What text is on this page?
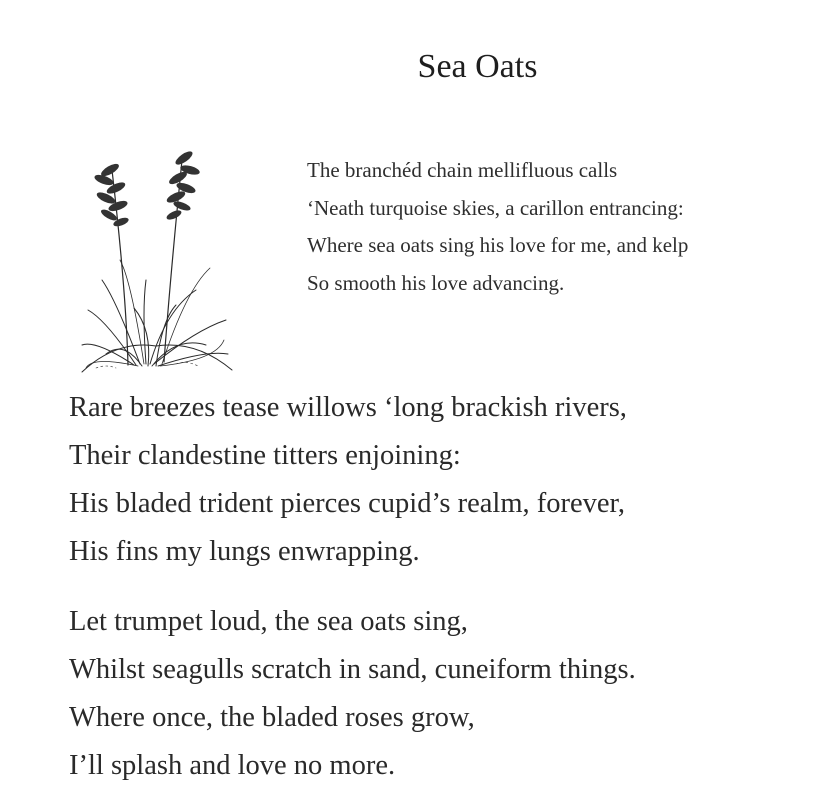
Sea Oats
The branchéd chain mellifluous calls
‘Neath turquoise skies, a carillon entrancing:
Where sea oats sing his love for me, and kelp
So smooth his love advancing.
Rare breezes tease willows ‘long brackish rivers,
Their clandestine titters enjoining:
His bladed trident pierces cupid’s realm, forever,
His fins my lungs enwrapping.
Let trumpet loud, the sea oats sing,
Whilst seagulls scratch in sand, cuneiform things.
Where once, the bladed roses grow,
I’ll splash and love no more.
